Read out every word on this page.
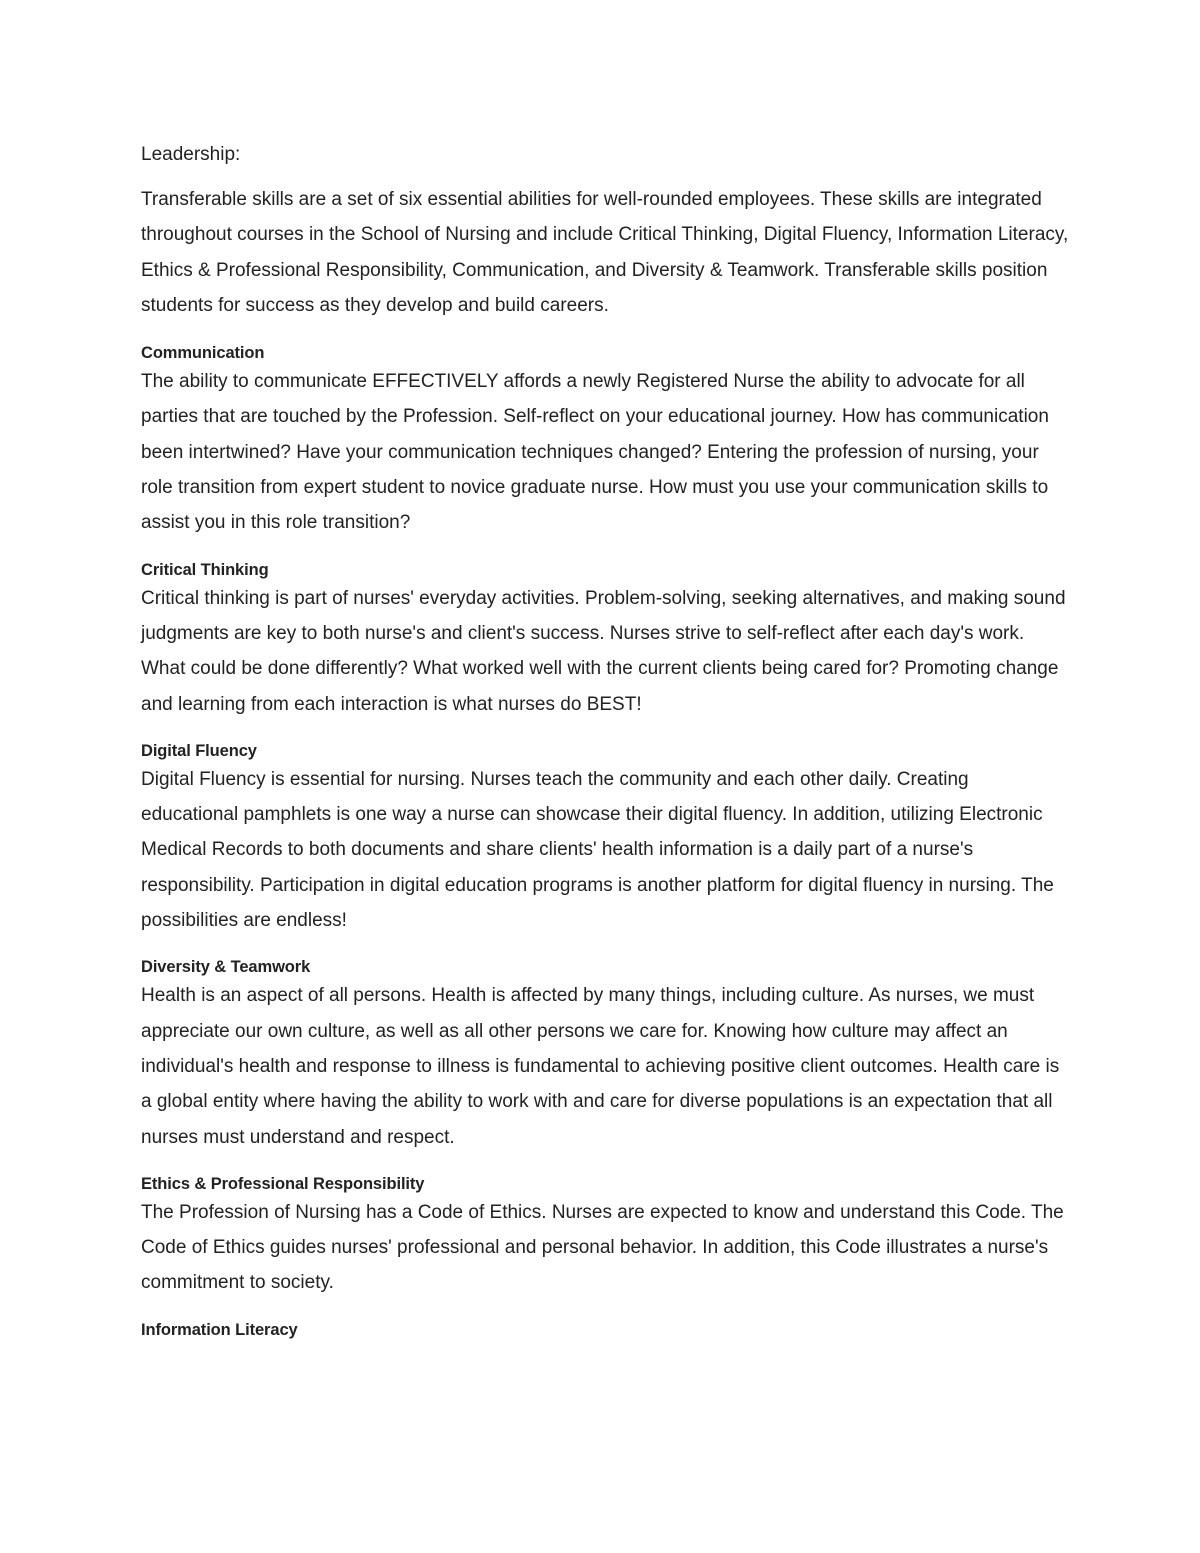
Leadership:

Transferable skills are a set of six essential abilities for well-rounded employees. These skills are integrated throughout courses in the School of Nursing and include Critical Thinking, Digital Fluency, Information Literacy, Ethics & Professional Responsibility, Communication, and Diversity & Teamwork. Transferable skills position students for success as they develop and build careers.

Communication

The ability to communicate EFFECTIVELY affords a newly Registered Nurse the ability to advocate for all parties that are touched by the Profession. Self-reflect on your educational journey. How has communication been intertwined? Have your communication techniques changed? Entering the profession of nursing, your role transition from expert student to novice graduate nurse. How must you use your communication skills to assist you in this role transition?

Critical Thinking

Critical thinking is part of nurses' everyday activities. Problem-solving, seeking alternatives, and making sound judgments are key to both nurse's and client's success. Nurses strive to self-reflect after each day's work. What could be done differently? What worked well with the current clients being cared for? Promoting change and learning from each interaction is what nurses do BEST!

Digital Fluency

Digital Fluency is essential for nursing. Nurses teach the community and each other daily. Creating educational pamphlets is one way a nurse can showcase their digital fluency. In addition, utilizing Electronic Medical Records to both documents and share clients' health information is a daily part of a nurse's responsibility. Participation in digital education programs is another platform for digital fluency in nursing. The possibilities are endless!

Diversity & Teamwork

Health is an aspect of all persons. Health is affected by many things, including culture. As nurses, we must appreciate our own culture, as well as all other persons we care for. Knowing how culture may affect an individual's health and response to illness is fundamental to achieving positive client outcomes. Health care is a global entity where having the ability to work with and care for diverse populations is an expectation that all nurses must understand and respect.

Ethics & Professional Responsibility

The Profession of Nursing has a Code of Ethics. Nurses are expected to know and understand this Code. The Code of Ethics guides nurses' professional and personal behavior. In addition, this Code illustrates a nurse's commitment to society.

Information Literacy
